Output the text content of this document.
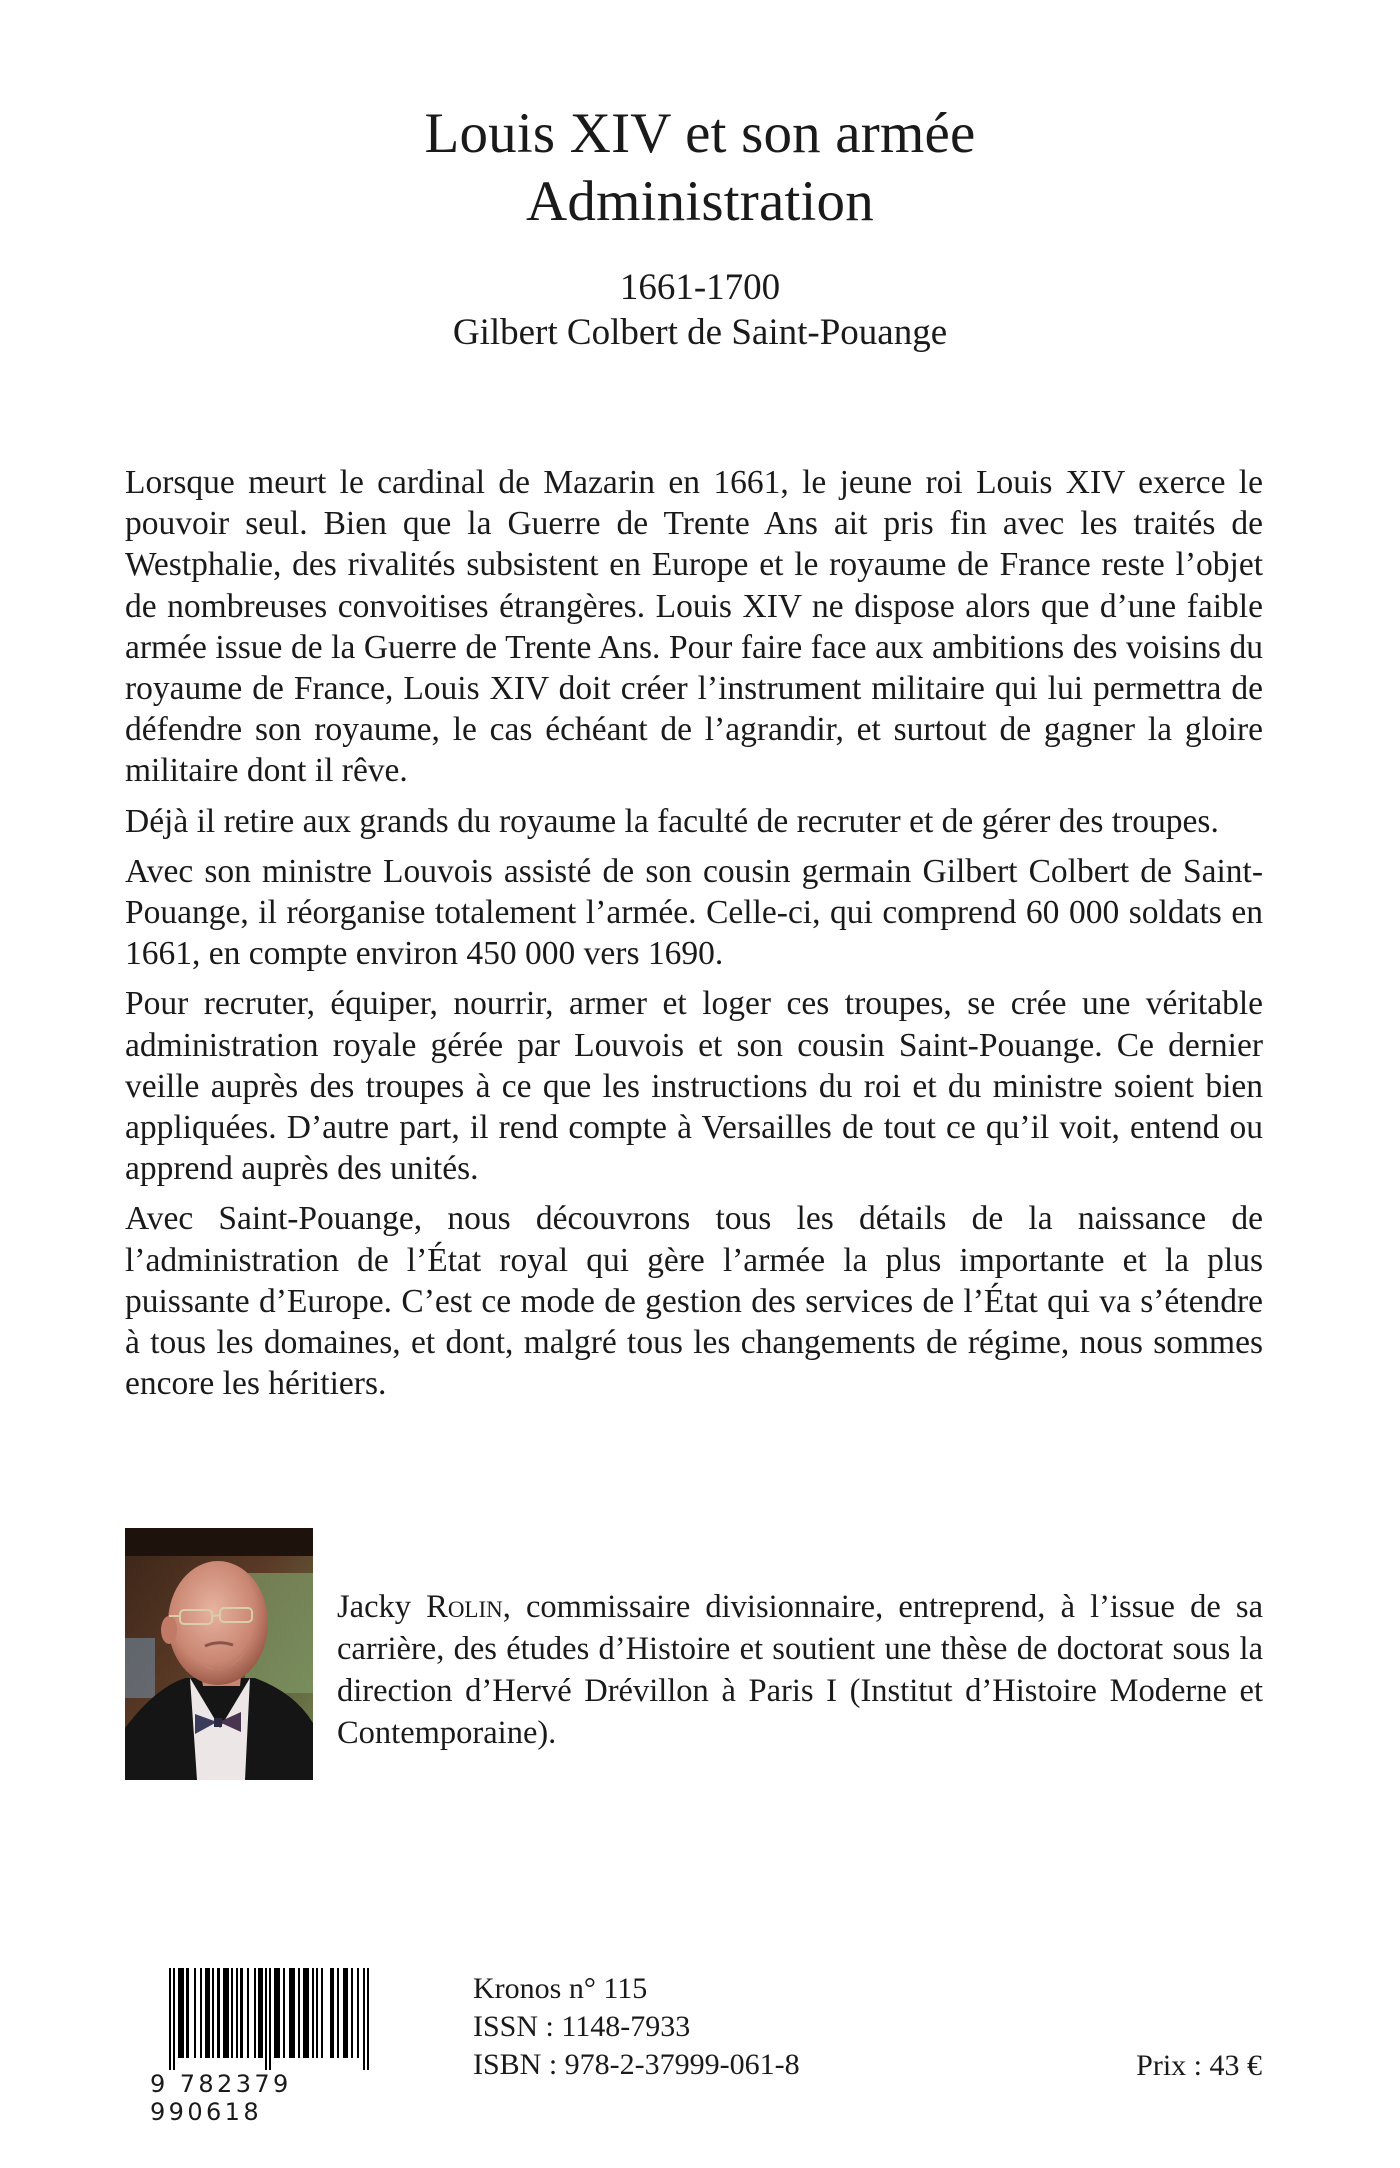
Louis XIV et son armée
Administration
1661-1700
Gilbert Colbert de Saint-Pouange

Lorsque meurt le cardinal de Mazarin en 1661, le jeune roi Louis XIV exerce le pouvoir seul. Bien que la Guerre de Trente Ans ait pris fin avec les traités de Westphalie, des rivalités subsistent en Europe et le royaume de France reste l’objet de nombreuses convoitises étrangères. Louis XIV ne dispose alors que d’une faible armée issue de la Guerre de Trente Ans. Pour faire face aux ambitions des voisins du royaume de France, Louis XIV doit créer l’instrument militaire qui lui permettra de défendre son royaume, le cas échéant de l’agrandir, et surtout de gagner la gloire militaire dont il rêve.

Déjà il retire aux grands du royaume la faculté de recruter et de gérer des troupes.

Avec son ministre Louvois assisté de son cousin germain Gilbert Colbert de Saint-Pouange, il réorganise totalement l’armée. Celle-ci, qui comprend 60 000 soldats en 1661, en compte environ 450 000 vers 1690.

Pour recruter, équiper, nourrir, armer et loger ces troupes, se crée une véritable administration royale gérée par Louvois et son cousin Saint-Pouange. Ce dernier veille auprès des troupes à ce que les instructions du roi et du ministre soient bien appliquées. D’autre part, il rend compte à Versailles de tout ce qu’il voit, entend ou apprend auprès des unités.

Avec Saint-Pouange, nous découvrons tous les détails de la naissance de l’administration de l’État royal qui gère l’armée la plus importante et la plus puissante d’Europe. C’est ce mode de gestion des services de l’État qui va s’étendre à tous les domaines, et dont, malgré tous les changements de régime, nous sommes encore les héritiers.

Jacky Rolin, commissaire divisionnaire, entreprend, à l’issue de sa carrière, des études d’Histoire et soutient une thèse de doctorat sous la direction d’Hervé Drévillon à Paris I (Institut d’Histoire Moderne et Contemporaine).
9 782379 990618
Kronos n° 115
ISSN : 1148-7933
ISBN : 978-2-37999-061-8	Prix : 43 €
